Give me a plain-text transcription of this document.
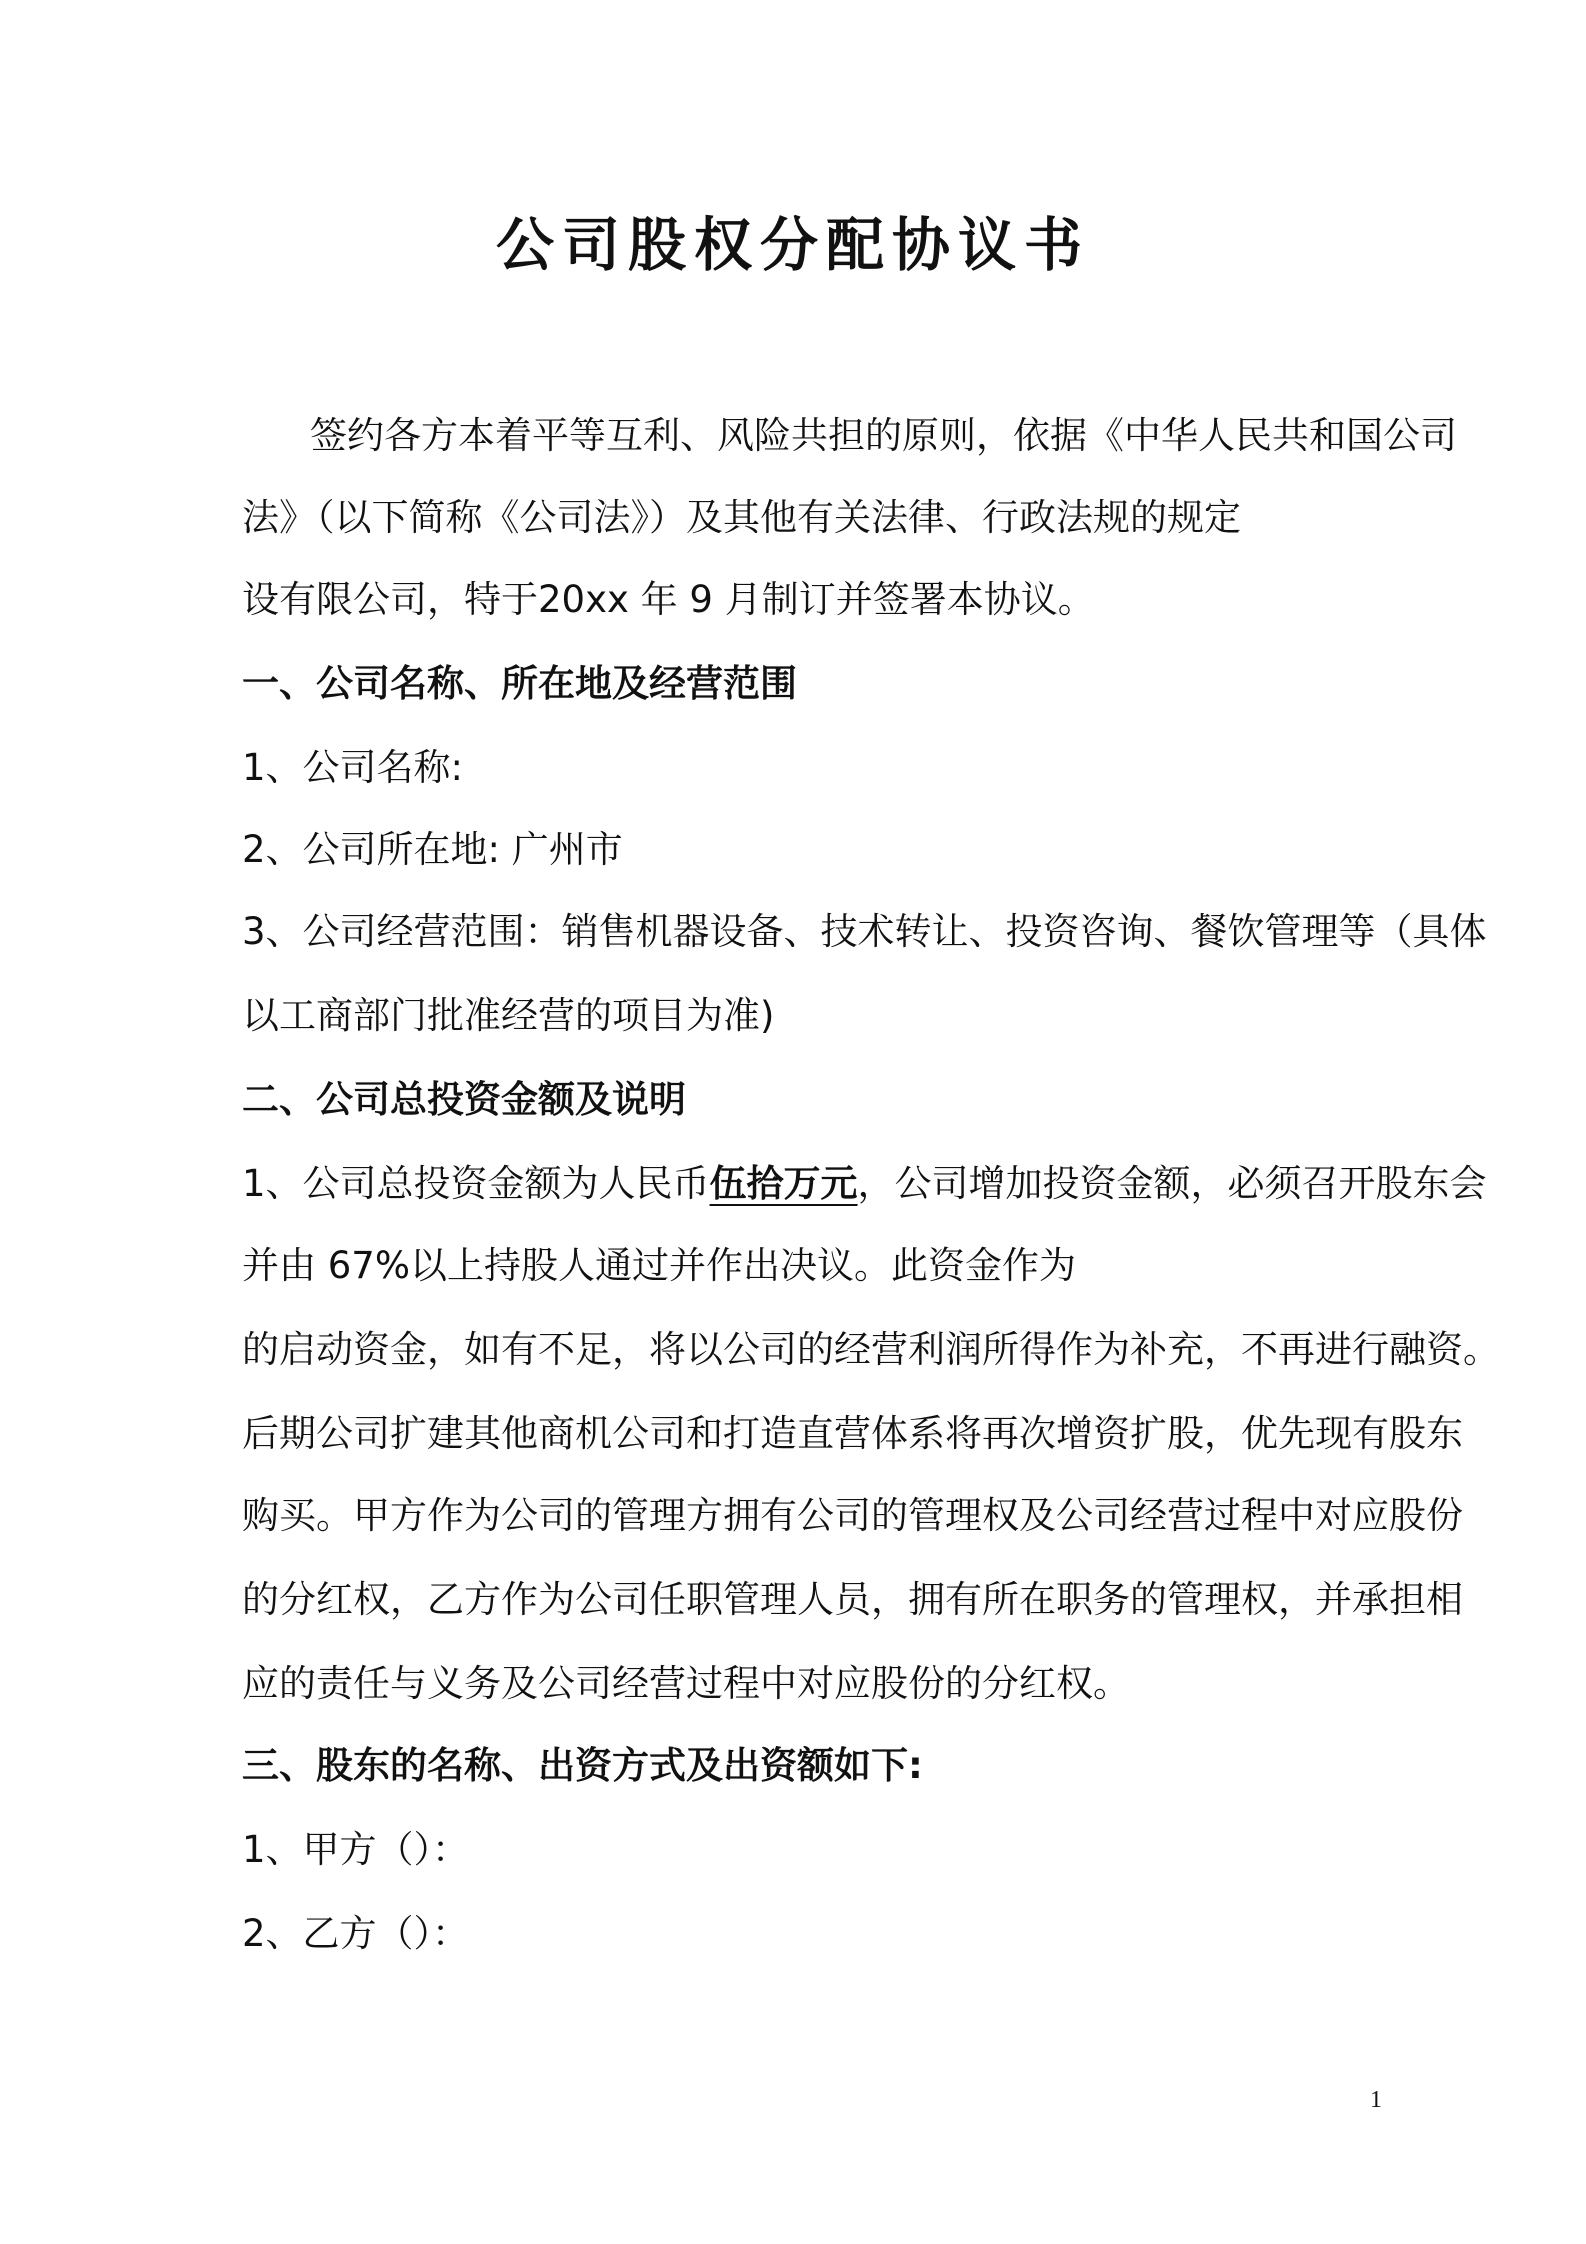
公司股权分配协议书
签约各方本着平等互利、风险共担的原则，依据《中华人民共和国公司
法》（以下简称《公司法》）及其他有关法律、行政法规的规定
设有限公司，特于20xx 年 9 月制订并签署本协议。
一、公司名称、所在地及经营范围
1、公司名称:
2、公司所在地: 广州市
3、公司经营范围：销售机器设备、技术转让、投资咨询、餐饮管理等（具体
以工商部门批准经营的项目为准)
二、公司总投资金额及说明
1、公司总投资金额为人民币伍拾万元，公司增加投资金额，必须召开股东会
并由 67%以上持股人通过并作出决议。此资金作为
的启动资金，如有不足，将以公司的经营利润所得作为补充，不再进行融资。
后期公司扩建其他商机公司和打造直营体系将再次增资扩股，优先现有股东
购买。甲方作为公司的管理方拥有公司的管理权及公司经营过程中对应股份
的分红权，乙方作为公司任职管理人员，拥有所在职务的管理权，并承担相
应的责任与义务及公司经营过程中对应股份的分红权。
三、股东的名称、出资方式及出资额如下:
1、甲方（）：
2、乙方（）：
1
